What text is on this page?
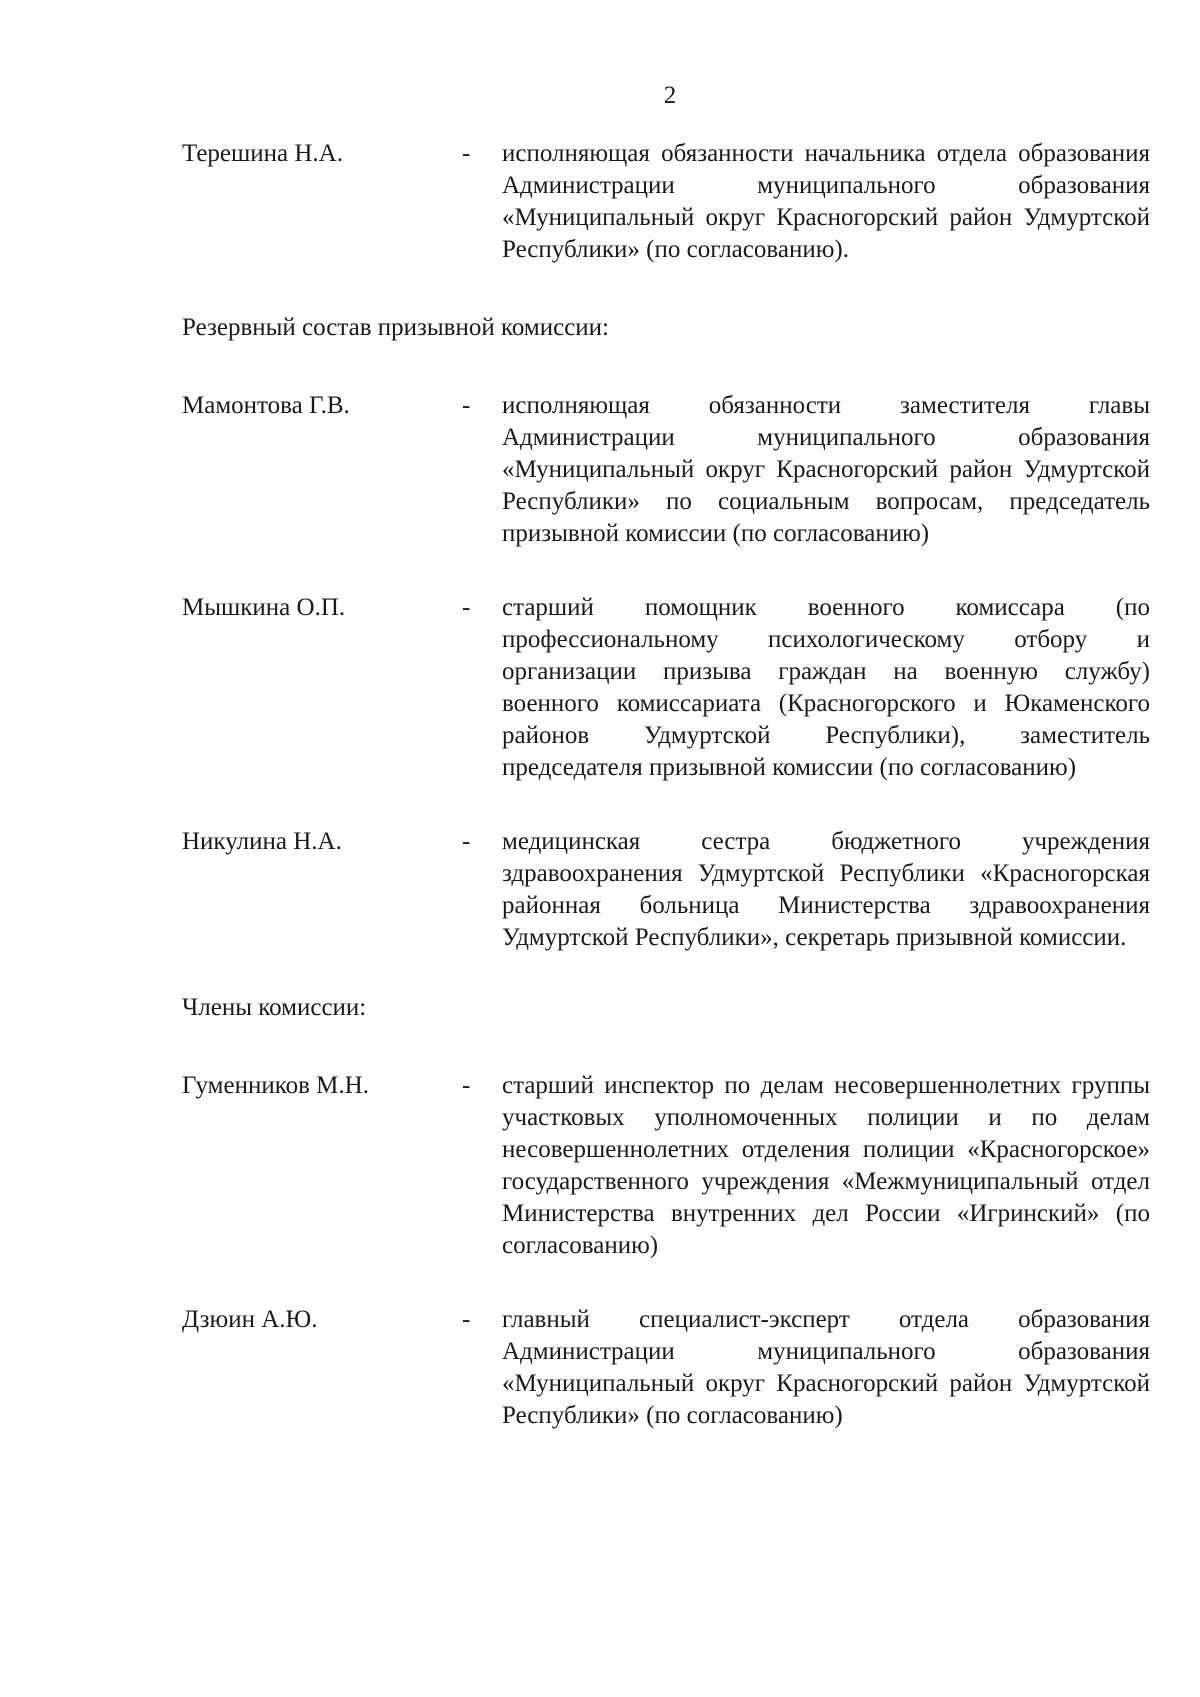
2
Терешина Н.А.	-	исполняющая обязанности начальника отдела образования Администрации муниципального образования «Муниципальный округ Красногорский район Удмуртской Республики» (по согласованию).
Резервный состав призывной комиссии:
Мамонтова Г.В.	-	исполняющая обязанности заместителя главы Администрации муниципального образования «Муниципальный округ Красногорский район Удмуртской Республики» по социальным вопросам, председатель призывной комиссии (по согласованию)
Мышкина О.П.	-	старший помощник военного комиссара (по профессиональному психологическому отбору и организации призыва граждан на военную службу) военного комиссариата (Красногорского и Юкаменского районов Удмуртской Республики), заместитель председателя призывной комиссии (по согласованию)
Никулина Н.А.	-	медицинская сестра бюджетного учреждения здравоохранения Удмуртской Республики «Красногорская районная больница Министерства здравоохранения Удмуртской Республики», секретарь призывной комиссии.
Члены комиссии:
Гуменников М.Н.	-	старший инспектор по делам несовершеннолетних группы участковых уполномоченных полиции и по делам несовершеннолетних отделения полиции «Красногорское» государственного учреждения «Межмуниципальный отдел Министерства внутренних дел России «Игринский» (по согласованию)
Дзюин А.Ю.	-	главный специалист-эксперт отдела образования Администрации муниципального образования «Муниципальный округ Красногорский район Удмуртской Республики» (по согласованию)
